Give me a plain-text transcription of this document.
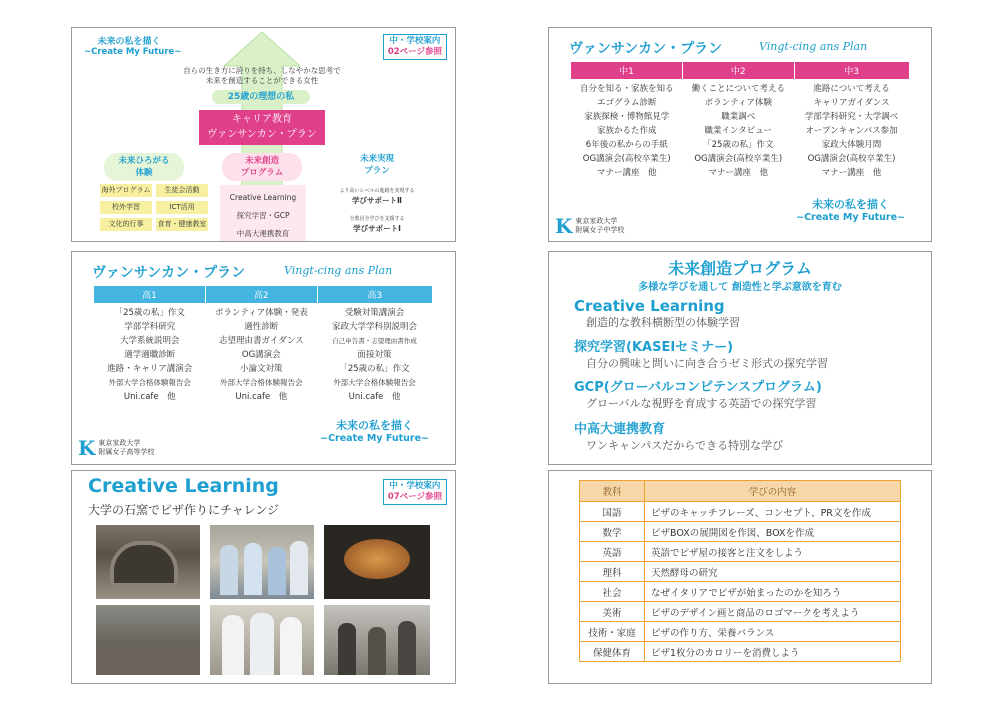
未来の私を描く
~Create My Future~
中・学校案内
02ページ参照
自らの生き方に誇りを持ち、しなやかな思考で
未来を創造することができる女性
25歳の理想の私
キャリア教育
ヴァンサンカン・プラン
未来ひろがる
体験
未来創造
プログラム
未来実現
プラン
海外プログラム	生徒会活動
校外学習	ICT活用
文化的行事	食育・健康教室
Creative Learning
探究学習・GCP
中高大連携教育
より高いレベルの進路を実現する
学びサポートⅡ
全教員全学びを支援する
学びサポートⅠ
ヴァンサンカン・プラン	Vingt-cing ans Plan
中1	中2	中3
自分を知る・家族を知る	働くことについて考える	進路について考える
エゴグラム診断	ボランティア体験	キャリアガイダンス
家族探検・博物館見学	職業調べ	学部学科研究・大学調べ
家族かるた作成	職業インタビュー	オープンキャンパス参加
6年後の私からの手紙	「25歳の私」作文	家政大体験月間
OG講演会(高校卒業生)	OG講演会(高校卒業生)	OG講演会(高校卒業生)
マナー講座　他	マナー講座　他	マナー講座　他
未来の私を描く
~Create My Future~
K 東京家政大学
附属女子中学校
ヴァンサンカン・プラン	Vingt-cing ans Plan
高1	高2	高3
「25歳の私」作文	ボランティア体験・発表	受験対策講演会
学部学科研究	適性診断	家政大学学科別説明会
大学系統説明会	志望理由書ガイダンス	自己申告書・志望理由書作成
適学適職診断	OG講演会	面接対策
進路・キャリア講演会	小論文対策	「25歳の私」作文
外部大学合格体験報告会	外部大学合格体験報告会	外部大学合格体験報告会
Uni.cafe　他	Uni.cafe　他	Uni.cafe　他
未来の私を描く
~Create My Future~
K 東京家政大学
附属女子高等学校
未来創造プログラム
多様な学びを通して 創造性と学ぶ意欲を育む
Creative Learning
創造的な教科横断型の体験学習
探究学習(KASEIセミナー)
自分の興味と問いに向き合うゼミ形式の探究学習
GCP(グローバルコンピテンスプログラム)
グローバルな視野を育成する英語での探究学習
中高大連携教育
ワンキャンパスだからできる特別な学び
Creative Learning
大学の石窯でピザ作りにチャレンジ
中・学校案内
07ページ参照	教科	学びの内容
国語	ピザのキャッチフレーズ、コンセプト、PR文を作成
数学	ピザBOXの展開図を作図、BOXを作成
英語	英語でピザ屋の接客と注文をしよう
理科	天然酵母の研究
社会	なぜイタリアでピザが始まったのかを知ろう
美術	ピザのデザイン画と商品のロゴマークを考えよう
技術・家庭	ピザの作り方、栄養バランス
保健体育	ピザ1枚分のカロリーを消費しよう
